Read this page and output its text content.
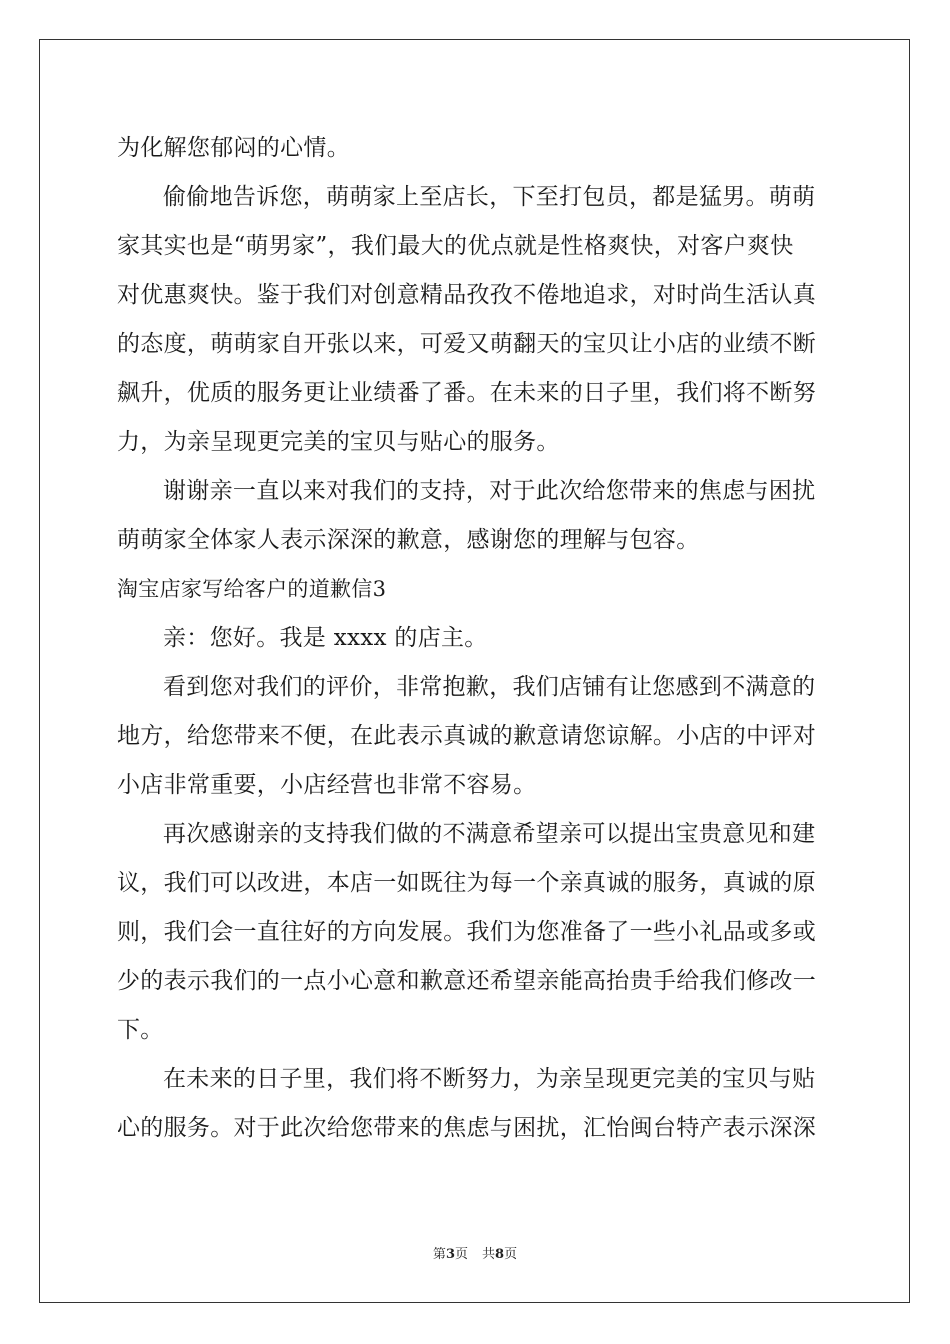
为化解您郁闷的心情。
偷偷地告诉您，萌萌家上至店长，下至打包员，都是猛男。萌萌
家其实也是“萌男家”，我们最大的优点就是性格爽快，对客户爽快
对优惠爽快。鉴于我们对创意精品孜孜不倦地追求，对时尚生活认真
的态度，萌萌家自开张以来，可爱又萌翻天的宝贝让小店的业绩不断
飙升，优质的服务更让业绩番了番。在未来的日子里，我们将不断努
力，为亲呈现更完美的宝贝与贴心的服务。
谢谢亲一直以来对我们的支持，对于此次给您带来的焦虑与困扰
萌萌家全体家人表示深深的歉意，感谢您的理解与包容。
淘宝店家写给客户的道歉信3
亲：您好。我是 xxxx 的店主。
看到您对我们的评价，非常抱歉，我们店铺有让您感到不满意的
地方，给您带来不便，在此表示真诚的歉意请您谅解。小店的中评对
小店非常重要，小店经营也非常不容易。
再次感谢亲的支持我们做的不满意希望亲可以提出宝贵意见和建
议，我们可以改进，本店一如既往为每一个亲真诚的服务，真诚的原
则，我们会一直往好的方向发展。我们为您准备了一些小礼品或多或
少的表示我们的一点小心意和歉意还希望亲能高抬贵手给我们修改一
下。
在未来的日子里，我们将不断努力，为亲呈现更完美的宝贝与贴
心的服务。对于此次给您带来的焦虑与困扰，汇怡闽台特产表示深深
第3页 共8页
